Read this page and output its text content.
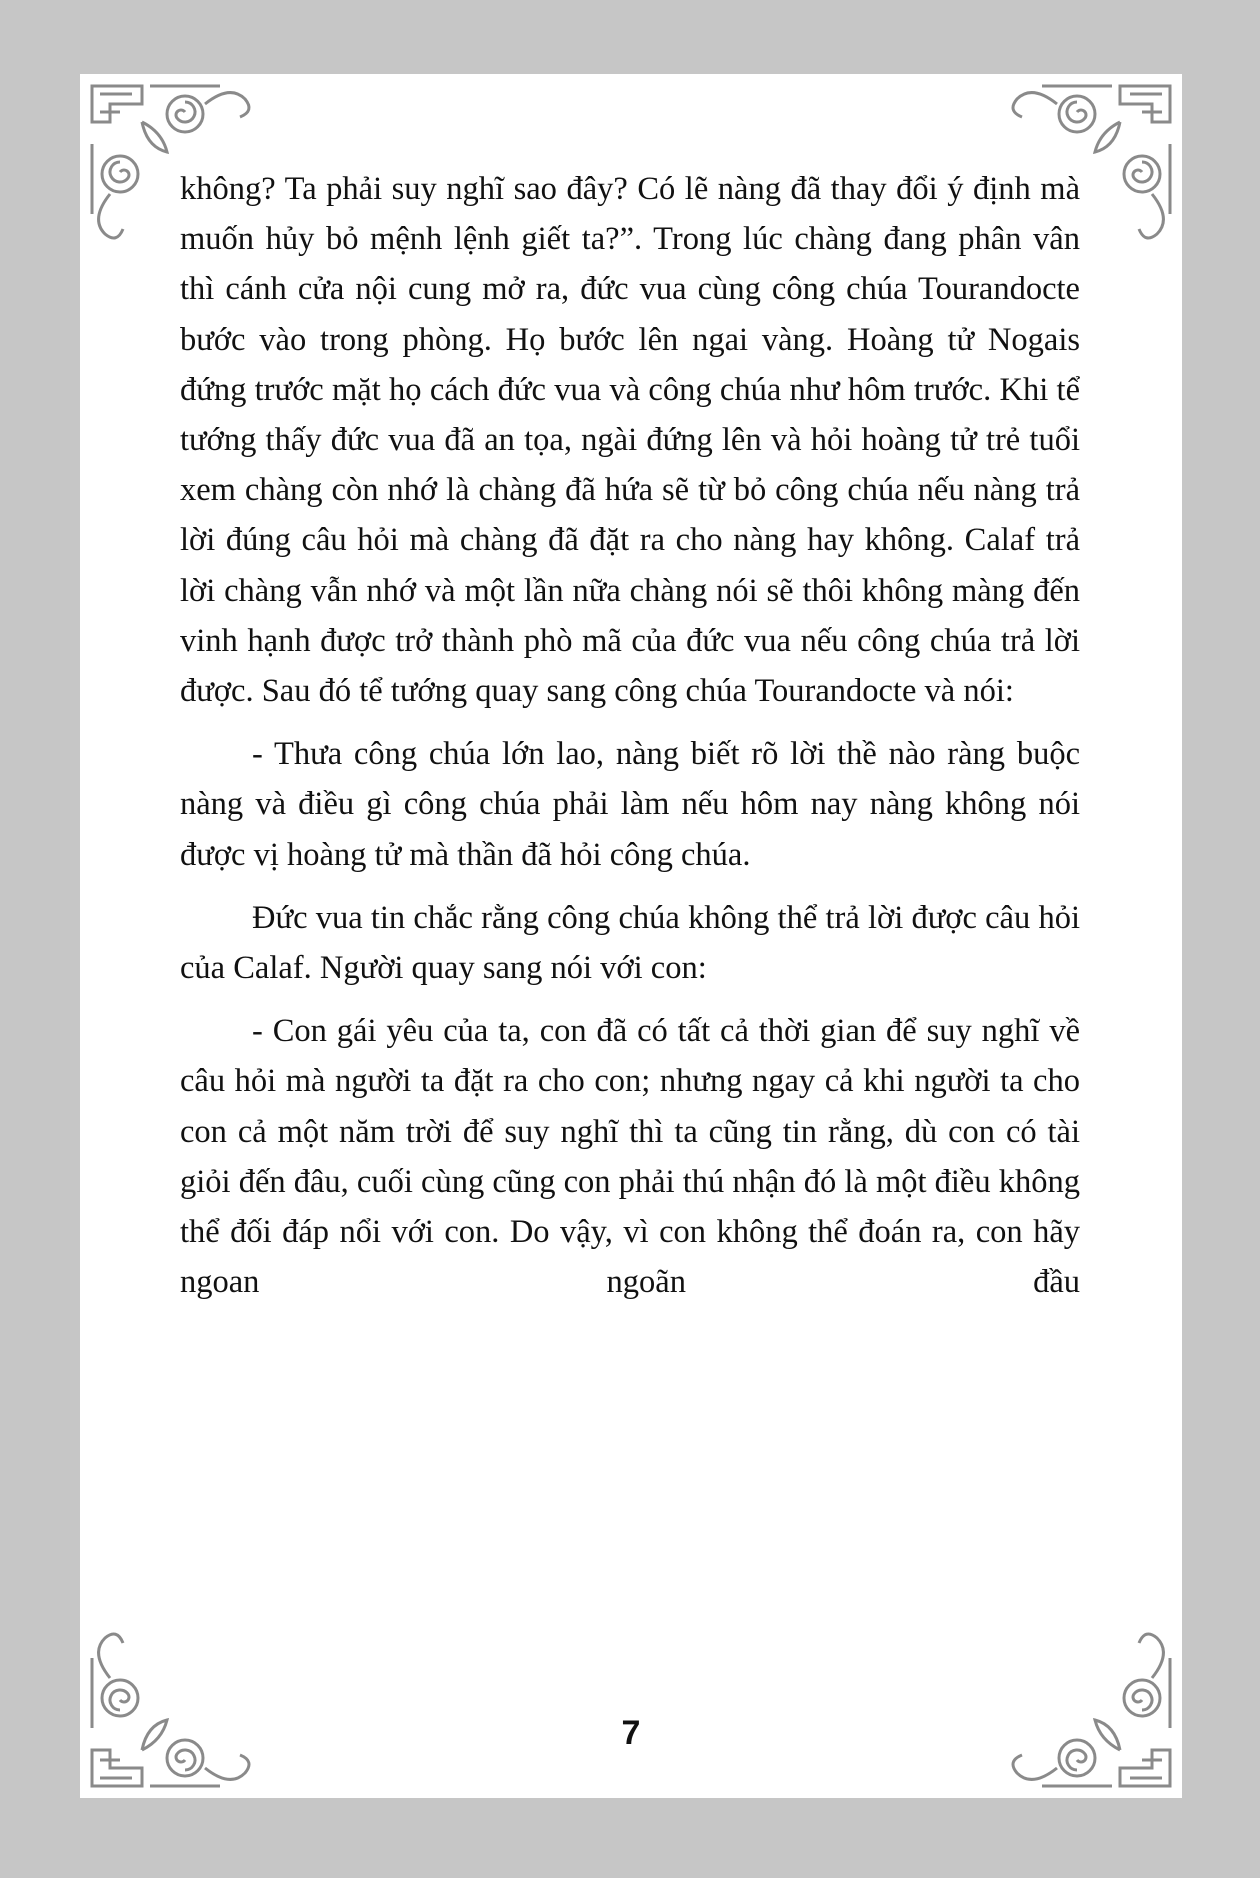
không? Ta phải suy nghĩ sao đây? Có lẽ nàng đã thay đổi ý định mà muốn hủy bỏ mệnh lệnh giết ta?”. Trong lúc chàng đang phân vân thì cánh cửa nội cung mở ra, đức vua cùng công chúa Tourandocte bước vào trong phòng. Họ bước lên ngai vàng. Hoàng tử Nogais đứng trước mặt họ cách đức vua và công chúa như hôm trước. Khi tể tướng thấy đức vua đã an tọa, ngài đứng lên và hỏi hoàng tử trẻ tuổi xem chàng còn nhớ là chàng đã hứa sẽ từ bỏ công chúa nếu nàng trả lời đúng câu hỏi mà chàng đã đặt ra cho nàng hay không. Calaf trả lời chàng vẫn nhớ và một lần nữa chàng nói sẽ thôi không màng đến vinh hạnh được trở thành phò mã của đức vua nếu công chúa trả lời được. Sau đó tể tướng quay sang công chúa Tourandocte và nói:

- Thưa công chúa lớn lao, nàng biết rõ lời thề nào ràng buộc nàng và điều gì công chúa phải làm nếu hôm nay nàng không nói được vị hoàng tử mà thần đã hỏi công chúa.

Đức vua tin chắc rằng công chúa không thể trả lời được câu hỏi của Calaf. Người quay sang nói với con:

- Con gái yêu của ta, con đã có tất cả thời gian để suy nghĩ về câu hỏi mà người ta đặt ra cho con; nhưng ngay cả khi người ta cho con cả một năm trời để suy nghĩ thì ta cũng tin rằng, dù con có tài giỏi đến đâu, cuối cùng cũng con phải thú nhận đó là một điều không thể đối đáp nổi với con. Do vậy, vì con không thể đoán ra, con hãy ngoan ngoãn đầu

7
